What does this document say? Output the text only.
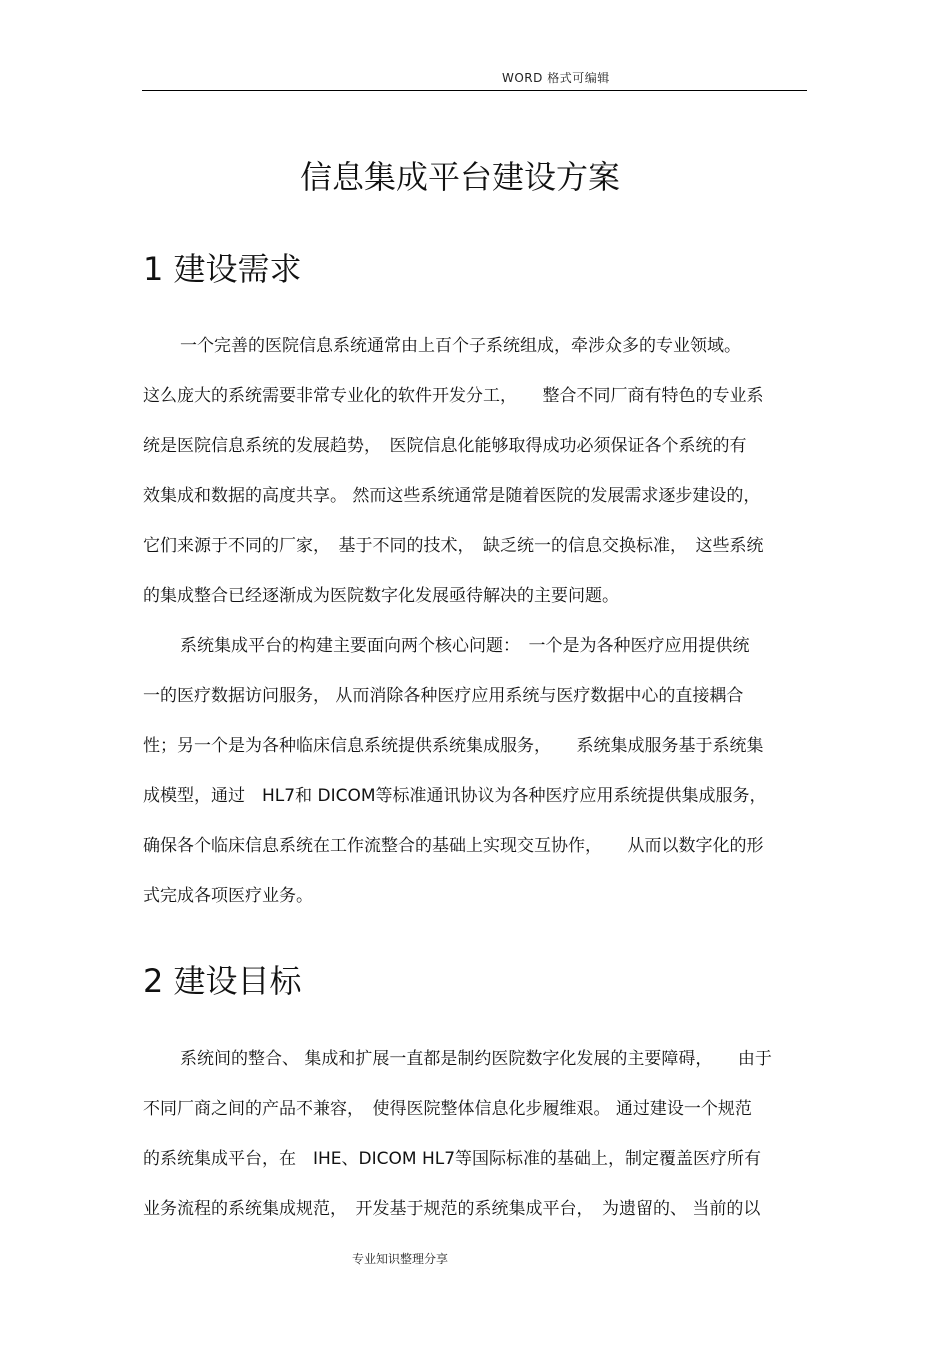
WORD 格式可编辑
信息集成平台建设方案
1 建设需求

一个完善的医院信息系统通常由上百个子系统组成，牵涉众多的专业领域。

这么庞大的系统需要非常专业化的软件开发分工，　　整合不同厂商有特色的专业系

统是医院信息系统的发展趋势，　医院信息化能够取得成功必须保证各个系统的有

效集成和数据的高度共享。 然而这些系统通常是随着医院的发展需求逐步建设的，

它们来源于不同的厂家，　基于不同的技术，　缺乏统一的信息交换标准，　这些系统

的集成整合已经逐渐成为医院数字化发展亟待解决的主要问题。

系统集成平台的构建主要面向两个核心问题：　一个是为各种医疗应用提供统

一的医疗数据访问服务， 从而消除各种医疗应用系统与医疗数据中心的直接耦合

性；另一个是为各种临床信息系统提供系统集成服务，　　系统集成服务基于系统集

成模型，通过　HL7和 DICOM等标准通讯协议为各种医疗应用系统提供集成服务，

确保各个临床信息系统在工作流整合的基础上实现交互协作，　　从而以数字化的形

式完成各项医疗业务。

2 建设目标

系统间的整合、 集成和扩展一直都是制约医院数字化发展的主要障碍，　　由于

不同厂商之间的产品不兼容，　使得医院整体信息化步履维艰。 通过建设一个规范

的系统集成平台，在　IHE、DICOM HL7等国际标准的基础上，制定覆盖医疗所有

业务流程的系统集成规范，　开发基于规范的系统集成平台，　为遗留的、 当前的以

专业知识整理分享
